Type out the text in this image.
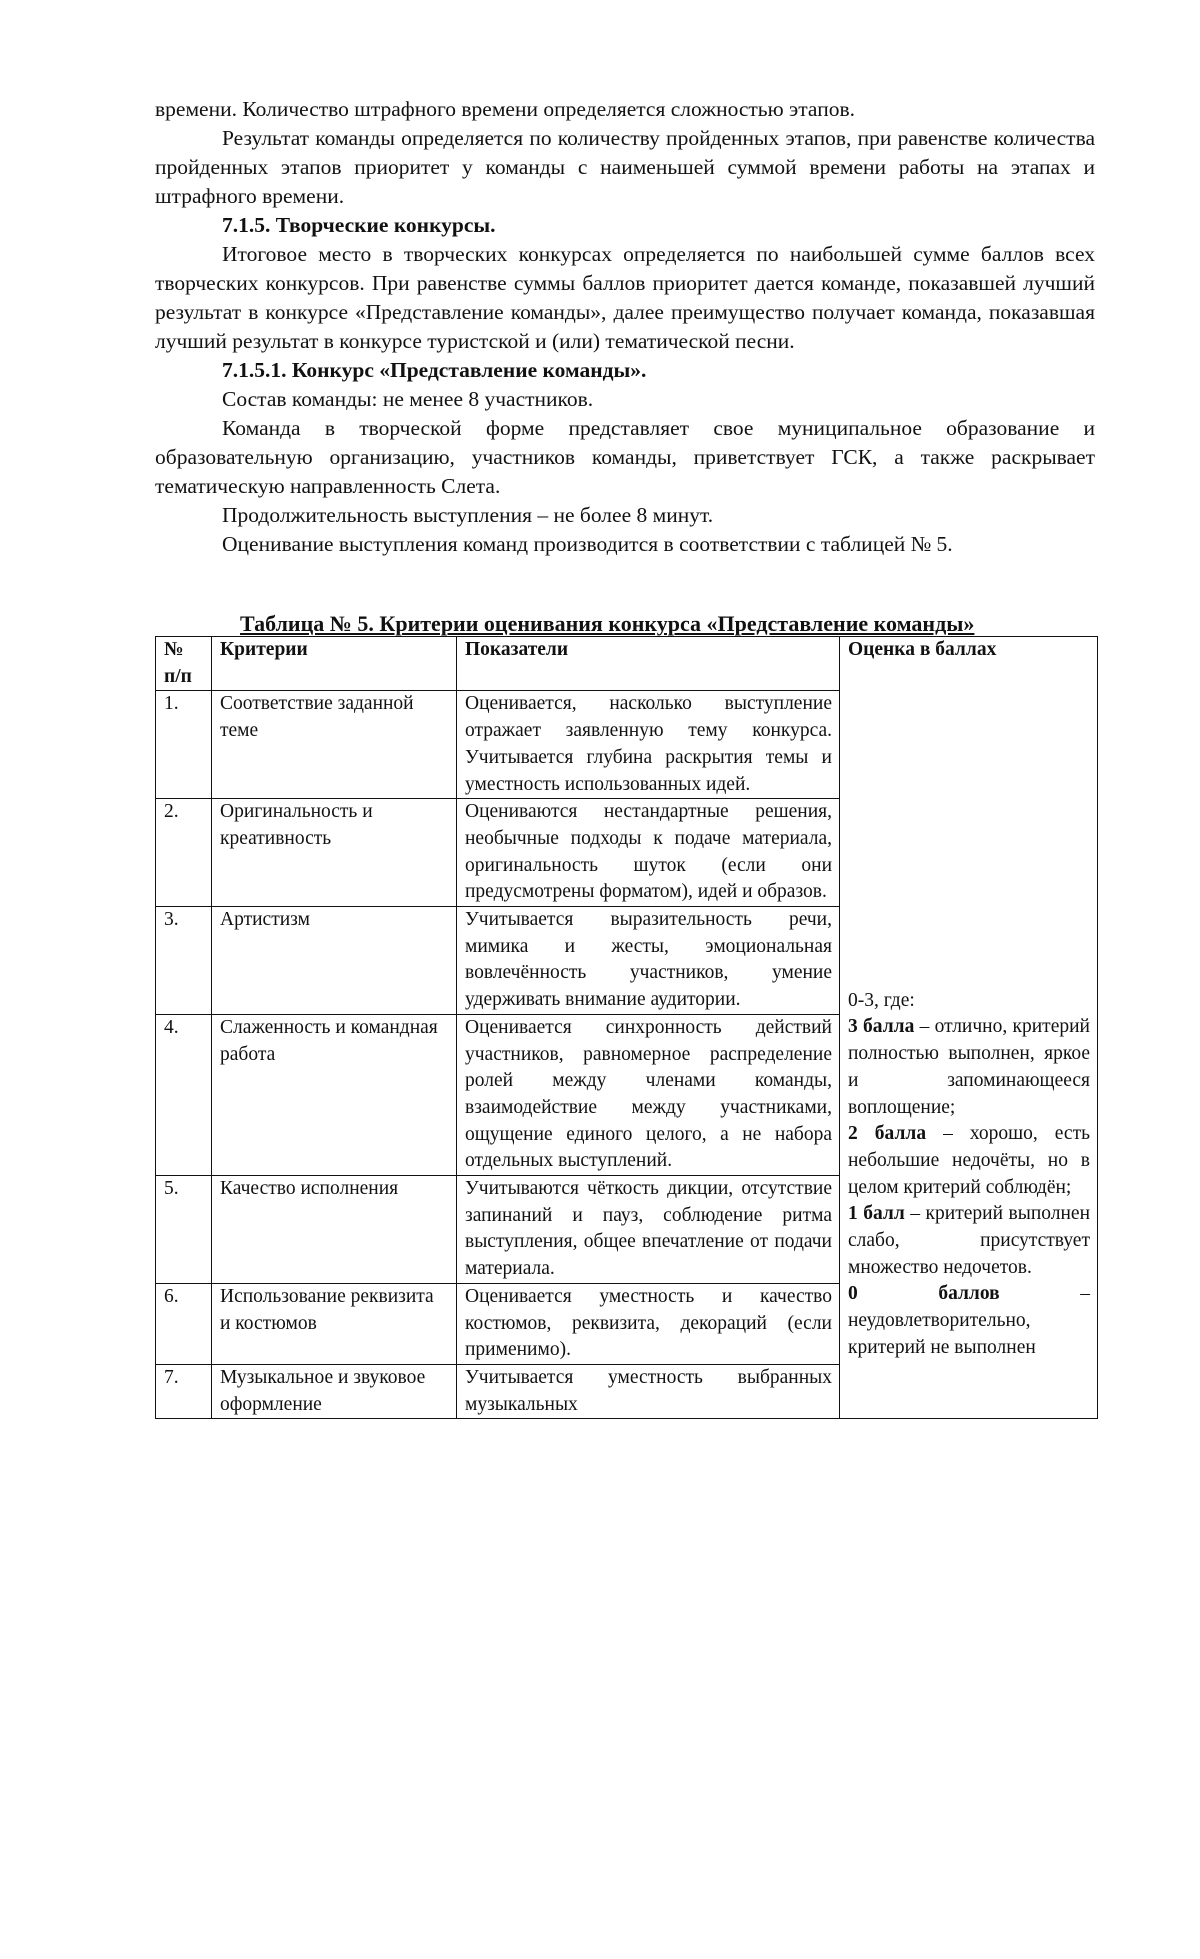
времени. Количество штрафного времени определяется сложностью этапов.

Результат команды определяется по количеству пройденных этапов, при равенстве количества пройденных этапов приоритет у команды с наименьшей суммой времени работы на этапах и штрафного времени.

7.1.5. Творческие конкурсы.

Итоговое место в творческих конкурсах определяется по наибольшей сумме баллов всех творческих конкурсов. При равенстве суммы баллов приоритет дается команде, показавшей лучший результат в конкурсе «Представление команды», далее преимущество получает команда, показавшая лучший результат в конкурсе туристской и (или) тематической песни.

7.1.5.1. Конкурс «Представление команды».

Состав команды: не менее 8 участников.

Команда в творческой форме представляет свое муниципальное образование и образовательную организацию, участников команды, приветствует ГСК, а также раскрывает тематическую направленность Слета.

Продолжительность выступления – не более 8 минут.

Оценивание выступления команд производится в соответствии с таблицей № 5.

Таблица № 5. Критерии оценивания конкурса «Представление команды»
№ п/п	Критерии	Показатели	Оценка в баллах
1.	Соответствие заданной теме	Оценивается, насколько выступление отражает заявленную тему конкурса. Учитывается глубина раскрытия темы и уместность использованных идей.	0-3, где:
3 балла – отлично, критерий полностью выполнен, яркое и запоминающееся воплощение;
2 балла – хорошо, есть небольшие недочёты, но в целом критерий соблюдён;
1 балл – критерий выполнен слабо, присутствует множество недочетов.
0 баллов – неудовлетворительно, критерий не выполнен

2.	Оригинальность и креативность	Оцениваются нестандартные решения, необычные подходы к подаче материала, оригинальность шуток (если они предусмотрены форматом), идей и образов.	
3.	Артистизм	Учитывается выразительность речи, мимика и жесты, эмоциональная вовлечённость участников, умение удерживать внимание аудитории.	
4.	Слаженность и командная работа	Оценивается синхронность действий участников, равномерное распределение ролей между членами команды, взаимодействие между участниками, ощущение единого целого, а не набора отдельных выступлений.	
5.	Качество исполнения	Учитываются чёткость дикции, отсутствие запинаний и пауз, соблюдение ритма выступления, общее впечатление от подачи материала.	
6.	Использование реквизита и костюмов	Оценивается уместность и качество костюмов, реквизита, декораций (если применимо).	
7.	Музыкальное и звуковое оформление	Учитывается уместность выбранных музыкальных	
